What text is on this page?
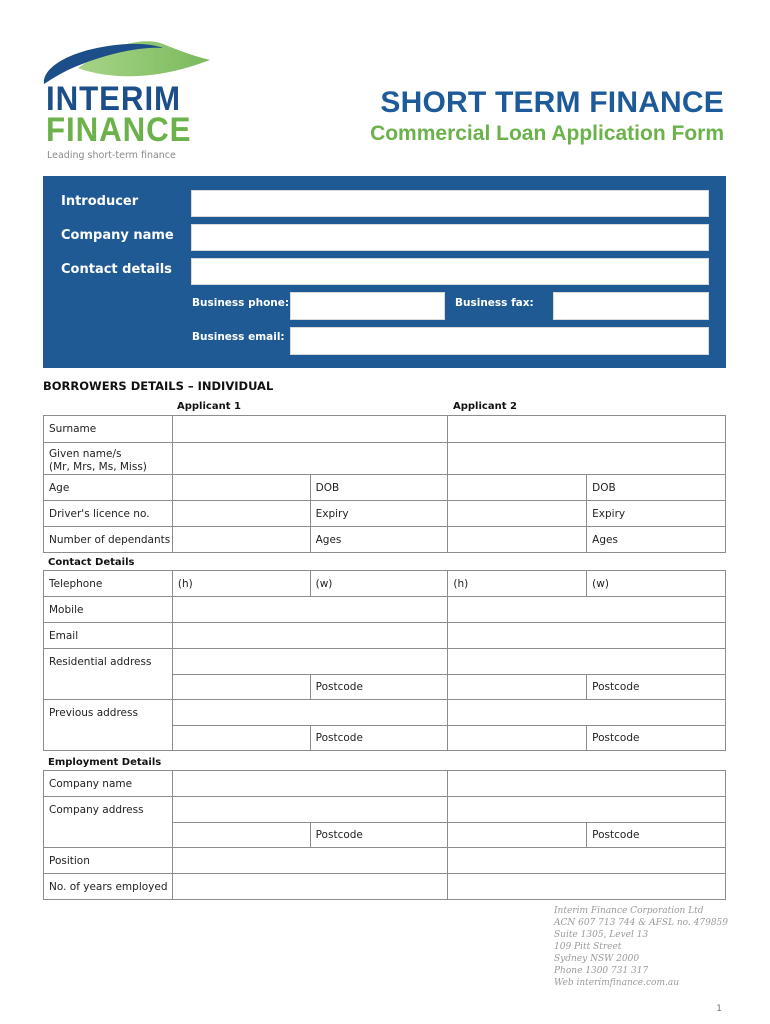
INTERIM
FINANCE
Leading short-term finance
SHORT TERM FINANCE
Commercial Loan Application Form
Introducer
Company name
Contact details
Business phone:	Business fax:
Business email:
BORROWERS DETAILS – INDIVIDUAL
Applicant 1	Applicant 2
Surname				
Given name/s
(Mr, Mrs, Ms, Miss)				
Age		DOB		DOB
Driver's licence no.		Expiry		Expiry
Number of dependants		Ages		Ages
Contact Details
Telephone	(h)	(w)	(h)	(w)
Mobile				
Email				
Residential address				
		Postcode		Postcode
Previous address				
		Postcode		Postcode
Employment Details
Company name				
Company address				
		Postcode		Postcode
Position				
No. of years employed				
Interim Finance Corporation Ltd
ACN 607 713 744 & AFSL no. 479859
Suite 1305, Level 13
109 Pitt Street
Sydney NSW 2000
Phone 1300 731 317
Web interimfinance.com.au
1
